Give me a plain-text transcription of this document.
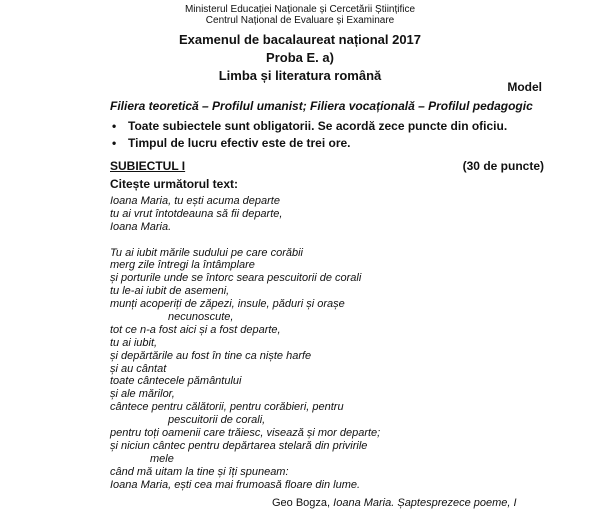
Ministerul Educației Naționale și Cercetării Științifice
Centrul Național de Evaluare și Examinare
Examenul de bacalaureat național 2017
Proba E. a)
Limba și literatura română
Model
Filiera teoretică – Profilul umanist; Filiera vocațională – Profilul pedagogic
• Toate subiectele sunt obligatorii. Se acordă zece puncte din oficiu.
• Timpul de lucru efectiv este de trei ore.
SUBIECTUL I	(30 de puncte)
Citește următorul text:
Ioana Maria, tu ești acuma departe
tu ai vrut întotdeauna să fii departe,
Ioana Maria.
Tu ai iubit mările sudului pe care corăbii
merg zile întregi la întâmplare
și porturile unde se întorc seara pescuitorii de corali
tu le-ai iubit de asemeni,
munți acoperiți de zăpezi, insule, păduri și orașe
necunoscute,
tot ce n-a fost aici și a fost departe,
tu ai iubit,
și depărtările au fost în tine ca niște harfe
și au cântat
toate cântecele pământului
și ale mărilor,
cântece pentru călătorii, pentru corăbieri, pentru
pescuitorii de corali,
pentru toți oamenii care trăiesc, visează și mor departe;
și niciun cântec pentru depărtarea stelară din privirile
mele
când mă uitam la tine și îți spuneam:
Ioana Maria, ești cea mai frumoasă floare din lume.
Geo Bogza, Ioana Maria. Șaptesprezece poeme, I
